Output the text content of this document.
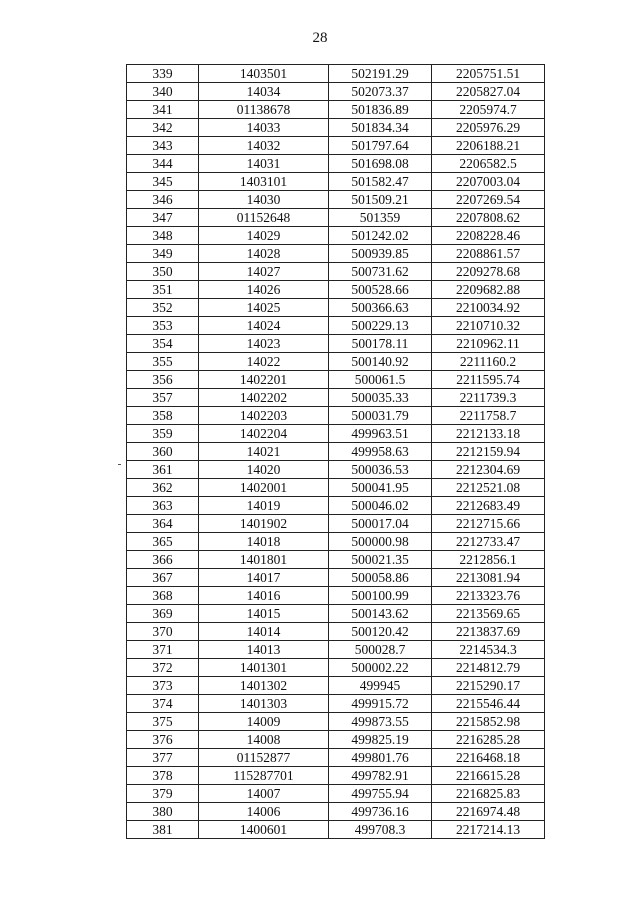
28
339	1403501	502191.29	2205751.51
340	14034	502073.37	2205827.04
341	01138678	501836.89	2205974.7
342	14033	501834.34	2205976.29
343	14032	501797.64	2206188.21
344	14031	501698.08	2206582.5
345	1403101	501582.47	2207003.04
346	14030	501509.21	2207269.54
347	01152648	501359	2207808.62
348	14029	501242.02	2208228.46
349	14028	500939.85	2208861.57
350	14027	500731.62	2209278.68
351	14026	500528.66	2209682.88
352	14025	500366.63	2210034.92
353	14024	500229.13	2210710.32
354	14023	500178.11	2210962.11
355	14022	500140.92	2211160.2
356	1402201	500061.5	2211595.74
357	1402202	500035.33	2211739.3
358	1402203	500031.79	2211758.7
359	1402204	499963.51	2212133.18
360	14021	499958.63	2212159.94
361	14020	500036.53	2212304.69
362	1402001	500041.95	2212521.08
363	14019	500046.02	2212683.49
364	1401902	500017.04	2212715.66
365	14018	500000.98	2212733.47
366	1401801	500021.35	2212856.1
367	14017	500058.86	2213081.94
368	14016	500100.99	2213323.76
369	14015	500143.62	2213569.65
370	14014	500120.42	2213837.69
371	14013	500028.7	2214534.3
372	1401301	500002.22	2214812.79
373	1401302	499945	2215290.17
374	1401303	499915.72	2215546.44
375	14009	499873.55	2215852.98
376	14008	499825.19	2216285.28
377	01152877	499801.76	2216468.18
378	115287701	499782.91	2216615.28
379	14007	499755.94	2216825.83
380	14006	499736.16	2216974.48
381	1400601	499708.3	2217214.13
